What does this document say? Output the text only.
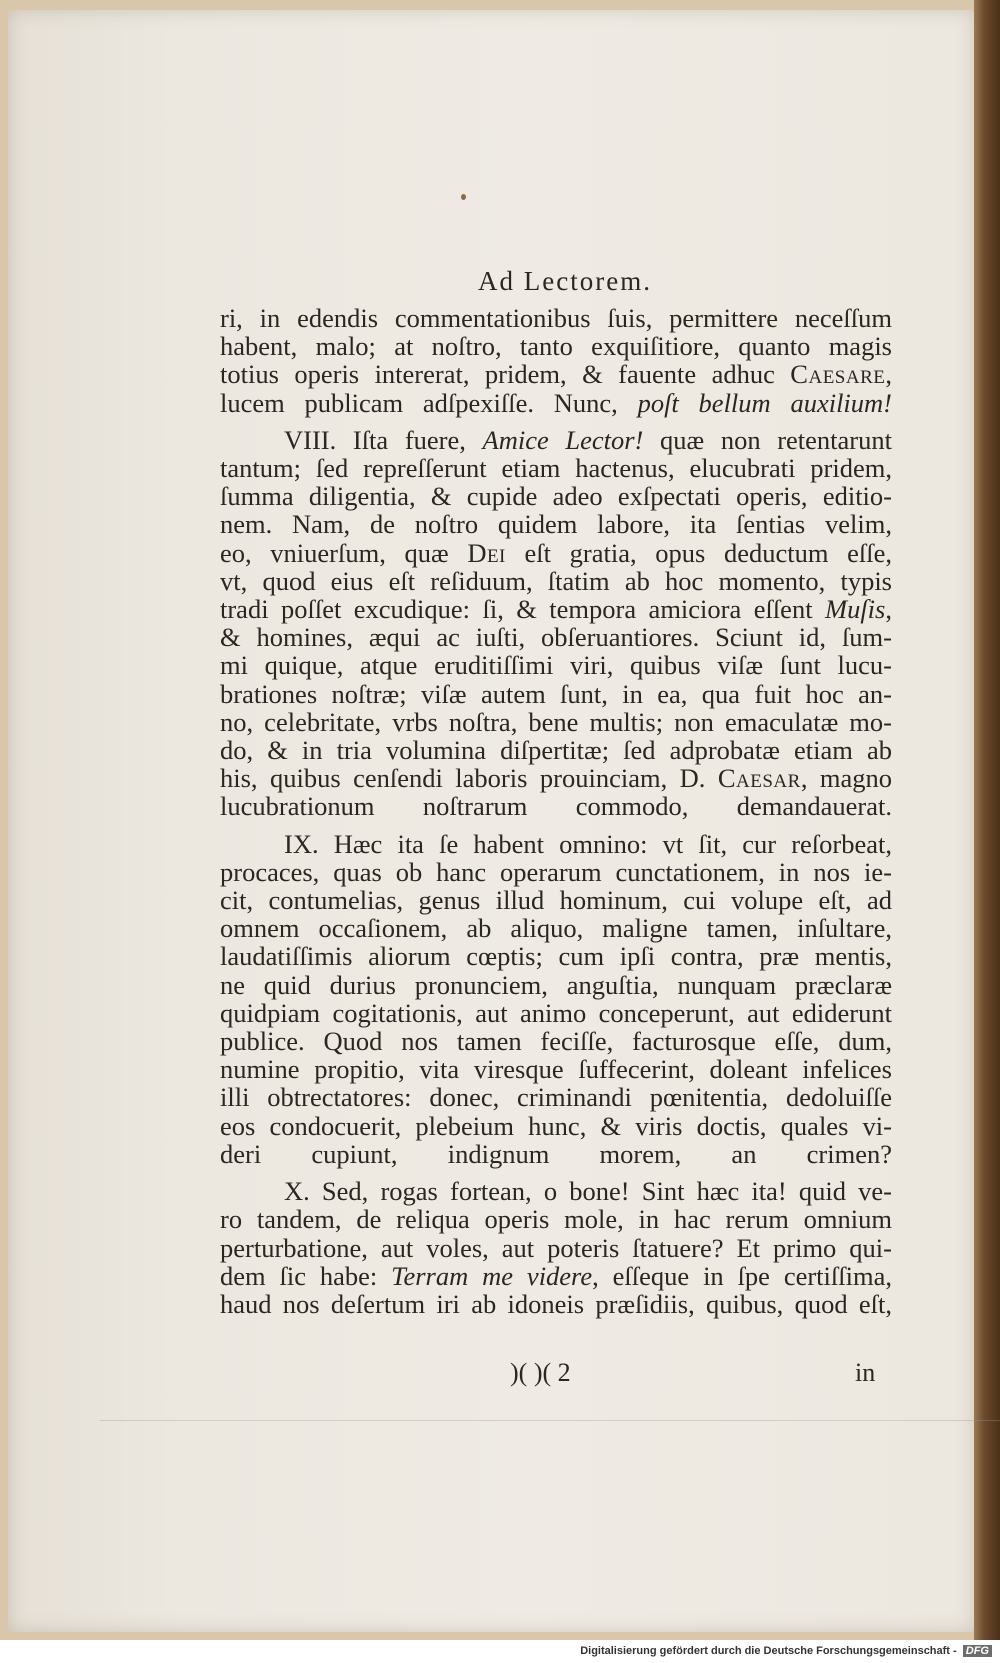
Ad Lectorem.
ri, in edendis commentationibus ſuis, permittere neceſſum
habent, malo; at noſtro, tanto exquiſitiore, quanto magis
totius operis intererat, pridem, & fauente adhuc Caesare,
lucem publicam adſpexiſſe. Nunc, poſt bellum auxilium!
VIII. Iſta fuere, Amice Lector! quæ non retentarunt
tantum; ſed repreſſerunt etiam hactenus, elucubrati pridem,
ſumma diligentia, & cupide adeo exſpectati operis, editio-
nem. Nam, de noſtro quidem labore, ita ſentias velim,
eo, vniuerſum, quæ Dei eſt gratia, opus deductum eſſe,
vt, quod eius eſt reſiduum, ſtatim ab hoc momento, typis
tradi poſſet excudique: ſi, & tempora amiciora eſſent Muſis,
& homines, æqui ac iuſti, obſeruantiores. Sciunt id, ſum-
mi quique, atque eruditiſſimi viri, quibus viſæ ſunt lucu-
brationes noſtræ; viſæ autem ſunt, in ea, qua fuit hoc an-
no, celebritate, vrbs noſtra, bene multis; non emaculatæ mo-
do, & in tria volumina diſpertitæ; ſed adprobatæ etiam ab
his, quibus cenſendi laboris prouinciam, D. Caesar, magno
lucubrationum noſtrarum commodo, demandauerat.
IX. Hæc ita ſe habent omnino: vt ſit, cur reſorbeat,
procaces, quas ob hanc operarum cunctationem, in nos ie-
cit, contumelias, genus illud hominum, cui volupe eſt, ad
omnem occaſionem, ab aliquo, maligne tamen, inſultare,
laudatiſſimis aliorum cœptis; cum ipſi contra, præ mentis,
ne quid durius pronunciem, anguſtia, nunquam præclaræ
quidpiam cogitationis, aut animo conceperunt, aut ediderunt
publice. Quod nos tamen feciſſe, facturosque eſſe, dum,
numine propitio, vita viresque ſuffecerint, doleant infelices
illi obtrectatores: donec, criminandi pœnitentia, dedoluiſſe
eos condocuerit, plebeium hunc, & viris doctis, quales vi-
deri cupiunt, indignum morem, an crimen?
X. Sed, rogas fortean, o bone! Sint hæc ita! quid ve-
ro tandem, de reliqua operis mole, in hac rerum omnium
perturbatione, aut voles, aut poteris ſtatuere? Et primo qui-
dem ſic habe: Terram me videre, eſſeque in ſpe certiſſima,
haud nos deſertum iri ab idoneis præſidiis, quibus, quod eſt,
)( )( 2	in
Digitalisierung gefördert durch die Deutsche Forschungsgemeinschaft - DFG
